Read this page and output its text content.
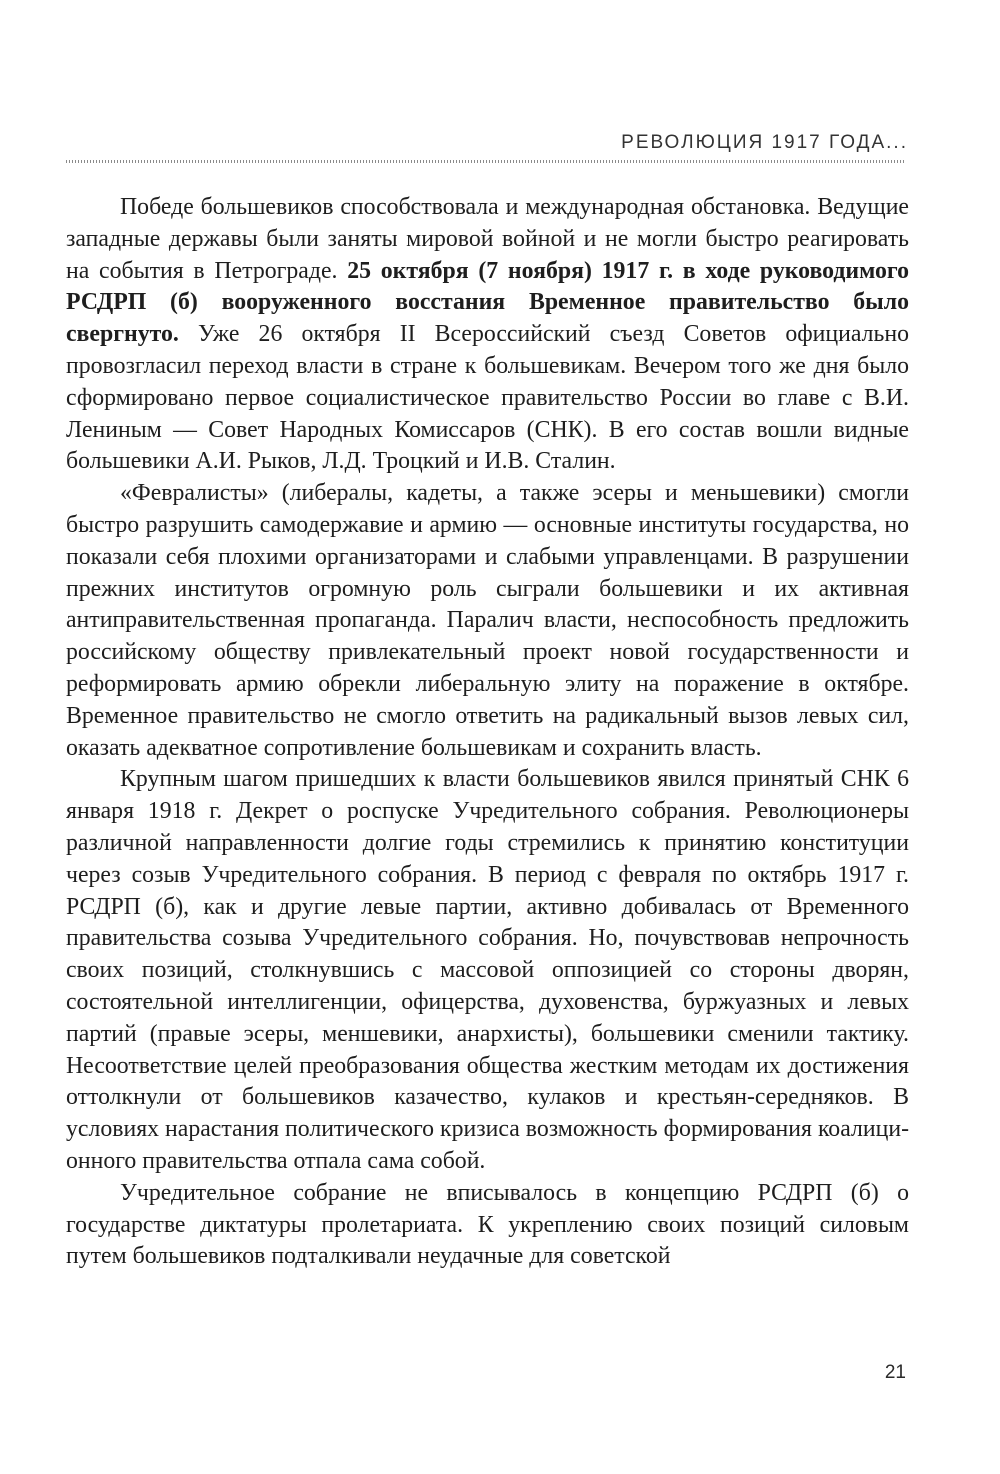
РЕВОЛЮЦИЯ 1917 ГОДА...

Победе большевиков способствовала и международная обстановка. Ведущие западные державы были заняты мировой войной и не могли быстро реагировать на события в Петрограде. 25 октября (7 ноября) 1917 г. в ходе руководимого РСДРП (б) вооруженного восстания Временное правительство было свергнуто. Уже 26 октября II Всероссийский съезд Советов официально провозгласил переход власти в стране к большевикам. Вечером того же дня было сформировано первое социалистическое правительство России во главе с В.И. Лениным — Совет Народных Комиссаров (СНК). В его состав вошли видные большевики А.И. Рыков, Л.Д. Троцкий и И.В. Сталин.

«Февралисты» (либералы, кадеты, а также эсеры и меньшевики) смогли быстро разрушить самодержавие и армию — основные институты государства, но показали себя плохими организаторами и слабыми управленцами. В разрушении прежних институтов огромную роль сыграли большевики и их активная антиправительственная пропаганда. Паралич власти, неспособность предложить российскому обществу привлекательный проект новой государственности и реформировать армию обрекли либеральную элиту на поражение в октябре. Временное правительство не смогло ответить на радикальный вызов левых сил, оказать адекватное сопротивление большевикам и сохранить власть.

Крупным шагом пришедших к власти большевиков явился принятый СНК 6 января 1918 г. Декрет о роспуске Учредительного собрания. Революционеры различной направленности долгие годы стремились к принятию конституции через созыв Учредительного собрания. В период с февраля по октябрь 1917 г. РСДРП (б), как и другие левые партии, активно добивалась от Временного правительства созыва Учредительного собрания. Но, почувствовав непрочность своих позиций, столкнувшись с массовой оппозицией со стороны дворян, состоятельной интеллигенции, офицерства, духовенства, буржуазных и левых партий (правые эсеры, меншевики, анархисты), большевики сменили тактику. Несоответствие целей преобразования общества жестким методам их достижения оттолкнули от большевиков казачество, кулаков и крестьян-середняков. В условиях нарастания политического кризиса возможность формирования коалиционного правительства отпала сама собой.

Учредительное собрание не вписывалось в концепцию РСДРП (б) о государстве диктатуры пролетариата. К укреплению своих позиций силовым путем большевиков подталкивали неудачные для советской

21
